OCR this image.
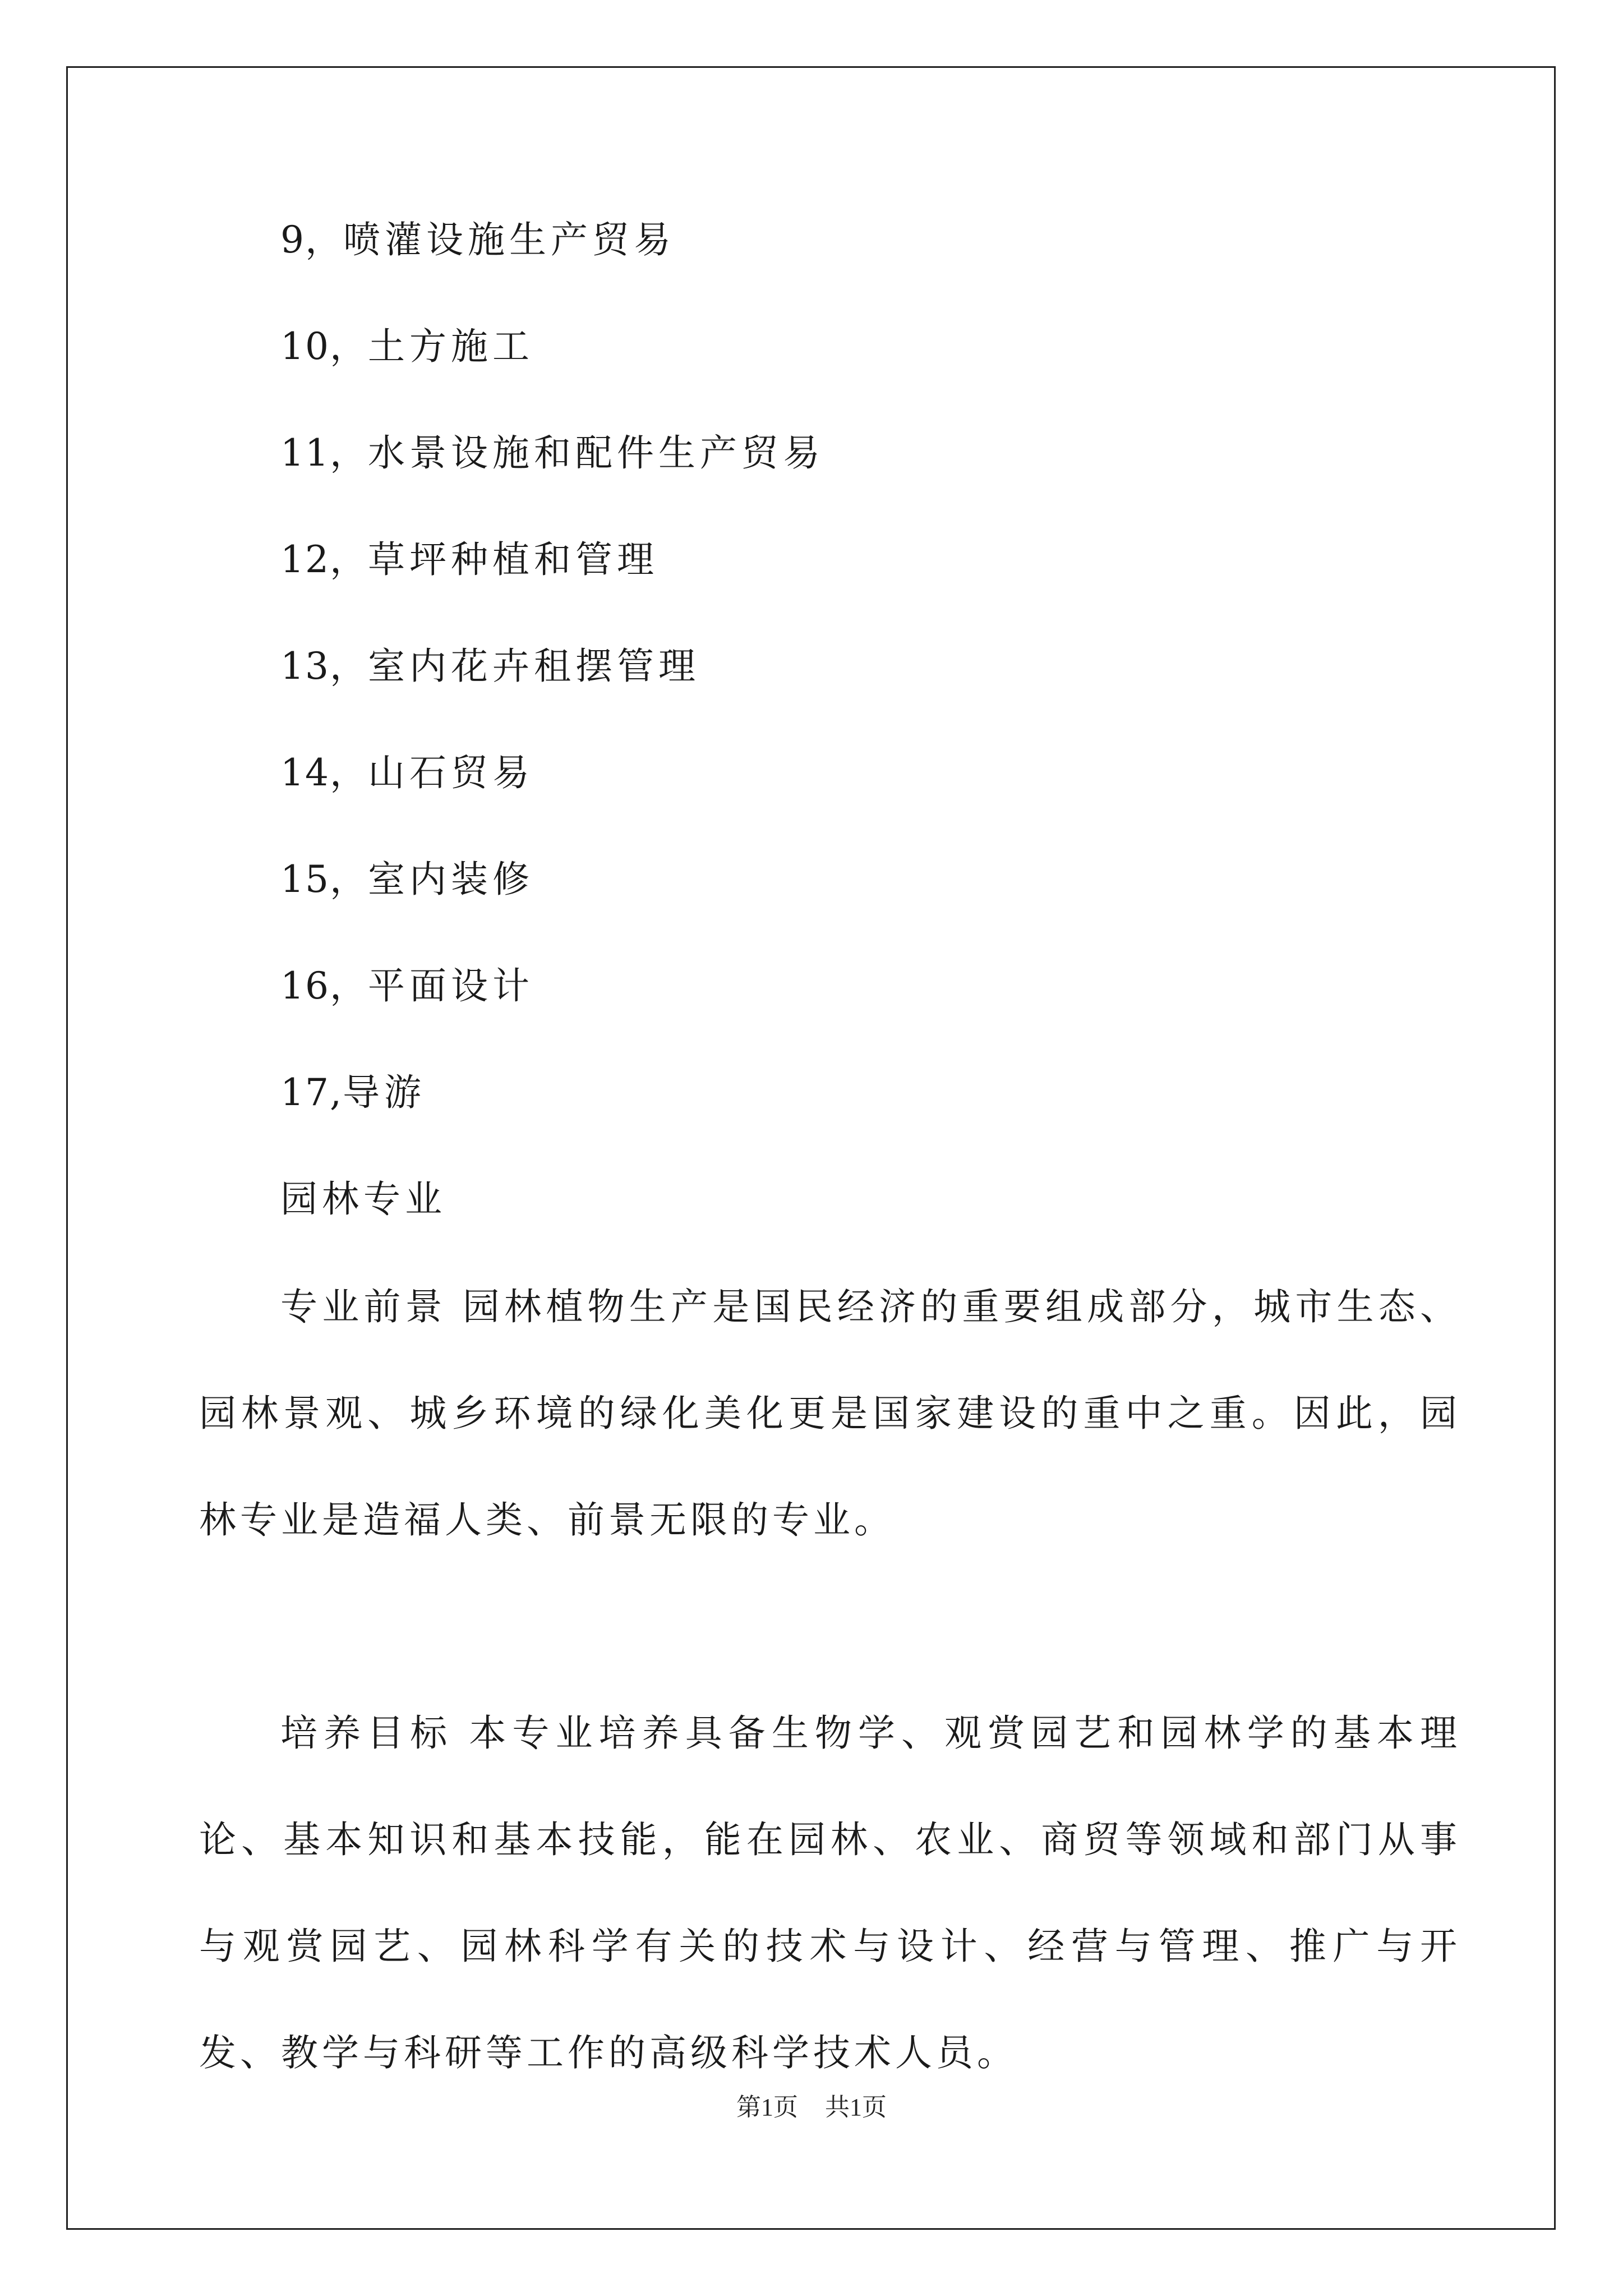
9，喷灌设施生产贸易
10，土方施工
11，水景设施和配件生产贸易
12，草坪种植和管理
13，室内花卉租摆管理
14，山石贸易
15，室内装修
16，平面设计
17,导游
园林专业

专业前景 园林植物生产是国民经济的重要组成部分，城市生态、园林景观、城乡环境的绿化美化更是国家建设的重中之重。因此，园林专业是造福人类、前景无限的专业。

培养目标 本专业培养具备生物学、观赏园艺和园林学的基本理论、基本知识和基本技能，能在园林、农业、商贸等领域和部门从事与观赏园艺、园林科学有关的技术与设计、经营与管理、推广与开发、教学与科研等工作的高级科学技术人员。

第1页 共1页
